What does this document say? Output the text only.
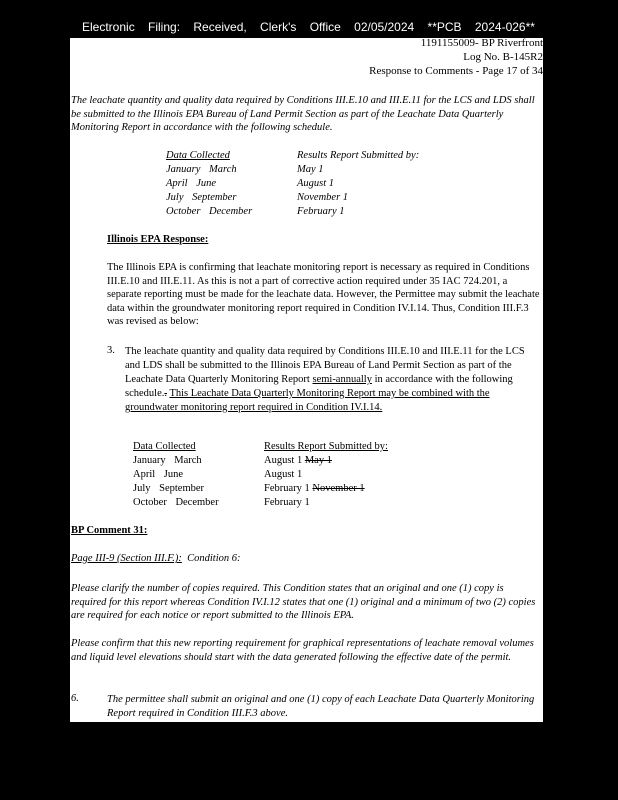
Electronic Filing: Received, Clerk's Office 02/05/2024 **PCB 2024-026**
1191155009- BP Riverfront
Log No. B-145R2
Response to Comments - Page 17 of 34
The leachate quantity and quality data required by Conditions III.E.10 and III.E.11 for the LCS and LDS shall be submitted to the Illinois EPA Bureau of Land Permit Section as part of the Leachate Data Quarterly Monitoring Report in accordance with the following schedule.
Data Collected	Results Report Submitted by:
January March	May 1
April June	August 1
July September	November 1
October December	February 1
Illinois EPA Response:
The Illinois EPA is confirming that leachate monitoring report is necessary as required in Conditions III.E.10 and III.E.11. As this is not a part of corrective action required under 35 IAC 724.201, a separate reporting must be made for the leachate data. However, the Permittee may submit the leachate data within the groundwater monitoring report required in Condition IV.I.14. Thus, Condition III.F.3 was revised as below:
3. The leachate quantity and quality data required by Conditions III.E.10 and III.E.11 for the LCS and LDS shall be submitted to the Illinois EPA Bureau of Land Permit Section as part of the Leachate Data Quarterly Monitoring Report semi-annually in accordance with the following schedule.. This Leachate Data Quarterly Monitoring Report may be combined with the groundwater monitoring report required in Condition IV.I.14.
Data Collected	Results Report Submitted by:
January March	August 1 May 1
April June	August 1
July September	February 1 November 1
October December	February 1
BP Comment 31:
Page III-9 (Section III.F.): Condition 6:
Please clarify the number of copies required. This Condition states that an original and one (1) copy is required for this report whereas Condition IV.I.12 states that one (1) original and a minimum of two (2) copies are required for each notice or report submitted to the Illinois EPA.
Please confirm that this new reporting requirement for graphical representations of leachate removal volumes and liquid level elevations should start with the data generated following the effective date of the permit.
6.	The permittee shall submit an original and one (1) copy of each Leachate Data Quarterly Monitoring Report required in Condition III.F.3 above.
